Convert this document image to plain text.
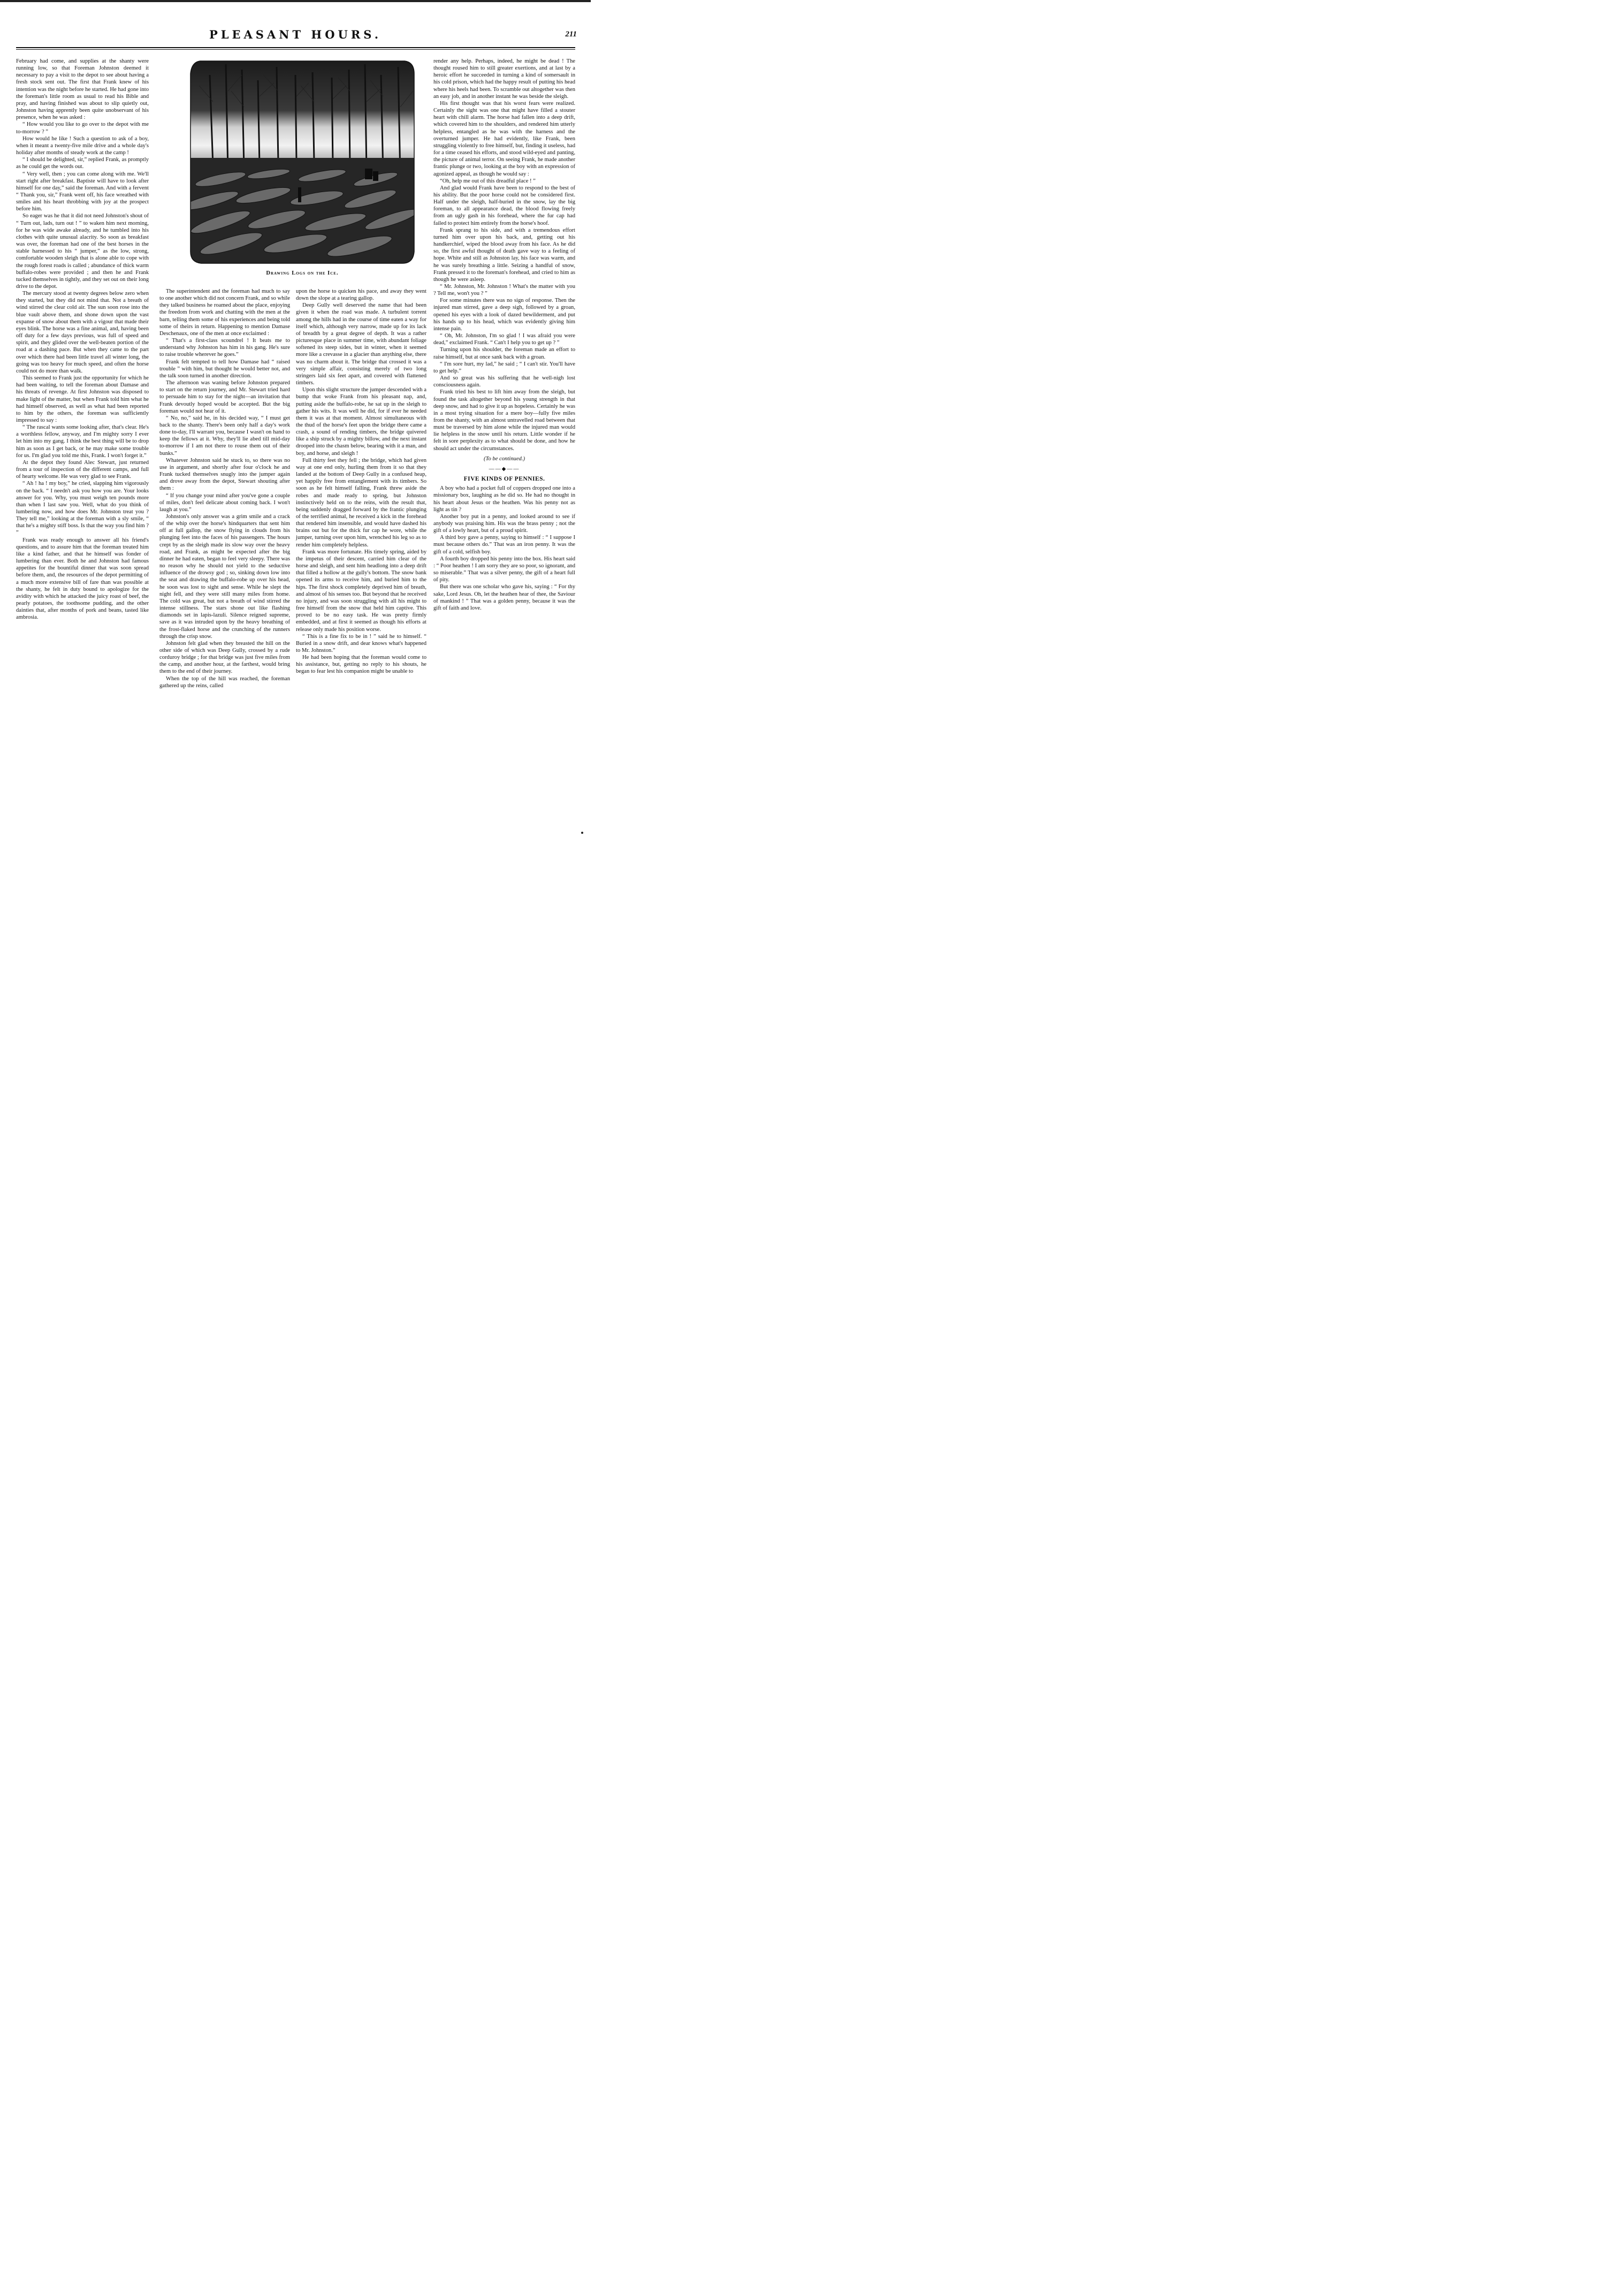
PLEASANT HOURS.	211

February had come, and supplies at the shanty were running low, so that Foreman Johnston deemed it necessary to pay a visit to the depot to see about having a fresh stock sent out. The first that Frank knew of his intention was the night before he started. He had gone into the foreman's little room as usual to read his Bible and pray, and having finished was about to slip quietly out, Johnston having apprently been quite unobservant of his presence, when he was asked :

“ How would you like to go over to the depot with me to-morrow ? ”

How would he like ! Such a question to ask of a boy, when it meant a twenty-five mile drive and a whole day's holiday after months of steady work at the camp !

“ I should be delighted, sir,” replied Frank, as promptly as he could get the words out.

“ Very well, then ; you can come along with me. We'll start right after breakfast. Baptiste will have to look after himself for one day,” said the foreman. And with a fervent “ Thank you, sir,” Frank went off, his face wreathed with smiles and his heart throbbing with joy at the prospect before him.

So eager was he that it did not need Johnston's shout of “ Turn out, lads, turn out ! ” to waken him next morning, for he was wide awake already, and he tumbled into his clothes with quite unusual alacrity. So soon as breakfast was over, the foreman had one of the best horses in the stable harnessed to his “ jumper,” as the low, strong, comfortable wooden sleigh that is alone able to cope with the rough forest roads is called ; abundance of thick warm buffalo-robes were provided ; and then he and Frank tucked themselves in tightly, and they set out on their long drive to the depot.

The mercury stood at twenty degrees below zero when they started, but they did not mind that. Not a breath of wind stirred the clear cold air. The sun soon rose into the blue vault above them, and shone down upon the vast expanse of snow about them with a vigour that made their eyes blink. The horse was a fine animal, and, having been off duty for a few days previous, was full of speed and spirit, and they glided over the well-beaten portion of the road at a dashing pace. But when they came to the part over which there had been little travel all winter long, the going was too heavy for much speed, and often the horse could not do more than walk.

This seemed to Frank just the opportunity for which he had been waiting, to tell the foreman about Damase and his threats of revenge. At first Johnston was disposed to make light of the matter, but when Frank told him what he had himself observed, as well as what had been reported to him by the others, the foreman was sufficiently impressed to say :

“ The rascal wants some looking after, that's clear. He's a worthless fellow, anyway, and I'm mighty sorry I ever let him into my gang. I think the best thing will be to drop him as soon as I get back, or he may make some trouble for us. I'm glad you told me this, Frank. I won't forget it.”

At the depot they found Alec Stewart, just returned from a tour of inspection of the different camps, and full of hearty welcome. He was very glad to see Frank.

“ Ah ! ha ! my boy,” he cried, slapping him vigorously on the back. “ I needn't ask you how you are. Your looks answer for you. Why, you must weigh ten pounds more than when I last saw you. Well, what do you think of lumbering now, and how does Mr. Johnston treat you ? They tell me,” looking at the foreman with a sly smile, “ that he's a mighty stiff boss. Is that the way you find him ? ”

Frank was ready enough to answer all his friend's questions, and to assure him that the foreman treated him like a kind father, and that he himself was fonder of lumbering than ever. Both he and Johnston had famous appetites for the bountiful dinner that was soon spread before them, and, the resources of the depot permitting of a much more extensive bill of fare than was possible at the shanty, he felt in duty bound to apologize for the avidity with which he attacked the juicy roast of beef, the pearly potatoes, the toothsome pudding, and the other dainties that, after months of pork and beans, tasted like ambrosia.

Drawing Logs on the Ice.

The superintendent and the foreman had much to say to one another which did not concern Frank, and so while they talked business he roamed about the place, enjoying the freedom from work and chatting with the men at the barn, telling them some of his experiences and being told some of theirs in return. Happening to mention Damase Deschenaux, one of the men at once exclaimed :

“ That's a first-class scoundrel ! It beats me to understand why Johnston has him in his gang. He's sure to raise trouble wherever he goes.”

Frank felt tempted to tell how Damase had “ raised trouble ” with him, but thought he would better not, and the talk soon turned in another direction.

The afternoon was waning before Johnston prepared to start on the return journey, and Mr. Stewart tried hard to persuade him to stay for the night—an invitation that Frank devoutly hoped would be accepted. But the big foreman would not hear of it.

“ No, no,” said he, in his decided way, “ I must get back to the shanty. There's been only half a day's work done to-day, I'll warrant you, because I wasn't on hand to keep the fellows at it. Why, they'll lie abed till mid-day to-morrow if I am not there to rouse them out of their bunks.”

Whatever Johnston said he stuck to, so there was no use in argument, and shortly after four o'clock he and Frank tucked themselves snugly into the jumper again and drove away from the depot, Stewart shouting after them :

“ If you change your mind after you've gone a couple of miles, don't feel delicate about coming back. I won't laugh at you.”

Johnston's only answer was a grim smile and a crack of the whip over the horse's hindquarters that sent him off at full gallop, the snow flying in clouds from his plunging feet into the faces of his passengers. The hours crept by as the sleigh made its slow way over the heavy road, and Frank, as might be expected after the big dinner he had eaten, began to feel very sleepy. There was no reason why he should not yield to the seductive influence of the drowsy god ; so, sinking down low into the seat and drawing the buffalo-robe up over his head, he soon was lost to sight and sense. While he slept the night fell, and they were still many miles from home. The cold was great, but not a breath of wind stirred the intense stillness. The stars shone out like flashing diamonds set in lapis-lazuli. Silence reigned supreme, save as it was intruded upon by the heavy breathing of the frost-flaked horse and the crunching of the runners through the crisp snow.

Johnston felt glad when they breasted the hill on the other side of which was Deep Gully, crossed by a rude corduroy bridge ; for that bridge was just five miles from the camp, and another hour, at the farthest, would bring them to the end of their journey.

When the top of the hill was reached, the foreman gathered up the reins, called

upon the horse to quicken his pace, and away they went down the slope at a tearing gallop.

Deep Gully well deserved the name that had been given it when the road was made. A turbulent torrent among the hills had in the course of time eaten a way for itself which, although very narrow, made up for its lack of breadth by a great degree of depth. It was a rather picturesque place in summer time, with abundant foliage softened its steep sides, but in winter, when it seemed more like a crevasse in a glacier than anything else, there was no charm about it. The bridge that crossed it was a very simple affair, consisting merely of two long stringers laid six feet apart, and covered with flattened timbers.

Upon this slight structure the jumper descended with a bump that woke Frank from his pleasant nap, and, putting aside the buffalo-robe, he sat up in the sleigh to gather his wits. It was well he did, for if ever he needed them it was at that moment. Almost simultaneous with the thud of the horse's feet upon the bridge there came a crash, a sound of rending timbers, the bridge quivered like a ship struck by a mighty billow, and the next instant drooped into the chasm below, bearing with it a man, and boy, and horse, and sleigh !

Full thirty feet they fell ; the bridge, which had given way at one end only, hurling them from it so that they landed at the bottom of Deep Gully in a confused heap, yet happily free from entanglement with its timbers. So soon as he felt himself falling, Frank threw aside the robes and made ready to spring, but Johnston instinctively held on to the reins, with the result that, being suddenly dragged forward by the frantic plunging of the terrified animal, he received a kick in the forehead that rendered him insensible, and would have dashed his brains out but for the thick fur cap he wore, while the jumper, turning over upon him, wrenched his leg so as to render him completely helpless.

Frank was more fortunate. His timely spring, aided by the impetus of their descent, carried him clear of the horse and sleigh, and sent him headlong into a deep drift that filled a hollow at the gully's bottom. The snow bank opened its arms to receive him, and buried him to the hips. The first shock completely deprived him of breath, and almost of his senses too. But beyond that he received no injury, and was soon struggling with all his might to free himself from the snow that held him captive. This proved to be no easy task. He was pretty firmly embedded, and at first it seemed as though his efforts at release only made his position worse.

“ This is a fine fix to be in ! ” said he to himself. “ Buried in a snow drift, and dear knows what's happened to Mr. Johnston.”

He had been hoping that the foreman would come to his assistance, but, getting no reply to his shouts, he began to fear lest his companion might be unable to

render any help. Perhaps, indeed, he might be dead ! The thought roused him to still greater exertions, and at last by a heroic effort he succeeded in turning a kind of somersault in his cold prison, which had the happy result of putting his head where his heels had been. To scramble out altogether was then an easy job, and in another instant he was beside the sleigh.

His first thought was that his worst fears were realized. Certainly the sight was one that might have filled a stouter heart with chill alarm. The horse had fallen into a deep drift, which covered him to the shoulders, and rendered him utterly helpless, entangled as he was with the harness and the overturned jumper. He had evidently, like Frank, been struggling violently to free himself, but, finding it useless, had for a time ceased his efforts, and stood wild-eyed and panting, the picture of animal terror. On seeing Frank, he made another frantic plunge or two, looking at the boy with an expression of agonized appeal, as though he would say :

“Oh, help me out of this dreadful place ! ”

And glad would Frank have been to respond to the best of his ability. But the poor horse could not be considered first. Half under the sleigh, half-buried in the snow, lay the big foreman, to all appearance dead, the blood flowing freely from an ugly gash in his forehead, where the fur cap had failed to protect him entirely from the horse's hoof.

Frank sprang to his side, and with a tremendous effort turned him over upon his back, and, getting out his handkerchief, wiped the blood away from his face. As he did so, the first awful thought of death gave way to a feeling of hope. White and still as Johnston lay, his face was warm, and he was surely breathing a little. Seizing a handful of snow, Frank pressed it to the foreman's forehead, and cried to him as though he were asleep.

“ Mr. Johnston, Mr. Johnston ! What's the matter with you ? Tell me, won't you ? ”

For some minutes there was no sign of response. Then the injured man stirred, gave a deep sigh, followed by a groan, opened his eyes with a look of dazed bewilderment, and put his hands up to his head, which was evidently giving him intense pain.

“ Oh, Mr. Johnston, I'm so glad ! I was afraid you were dead,” exclaimed Frank. “ Can't I help you to get up ? ”

Turning upon his shoulder, the foreman made an effort to raise himself, but at once sank back with a groan.

“ I'm sore hurt, my lad,” he said ; “ I can't stir. You'll have to get help.”

And so great was his suffering that he well-nigh lost consciousness again.

Frank tried his best to lift him away from the sleigh, but found the task altogether beyond his young strength in that deep snow, and had to give it up as hopeless. Certainly he was in a most trying situation for a mere boy—fully five miles from the shanty, with an almost untravelled road between that must be traversed by him alone while the injured man would lie helpless in the snow until his return. Little wonder if he felt in sore perplexity as to what should be done, and how he should act under the circumstances.

(To be continued.)

——◆——

FIVE KINDS OF PENNIES.

A boy who had a pocket full of coppers dropped one into a missionary box, laughing as he did so. He had no thought in his heart about Jesus or the heathen. Was his penny not as light as tin ?

Another boy put in a penny, and looked around to see if anybody was praising him. His was the brass penny ; not the gift of a lowly heart, but of a proud spirit.

A third boy gave a penny, saying to himself : “ I suppose I must because others do.” That was an iron penny. It was the gift of a cold, selfish boy.

A fourth boy dropped his penny into the box. His heart said : “ Poor heathen ! I am sorry they are so poor, so ignorant, and so miserable.” That was a silver penny, the gift of a heart full of pity.

But there was one scholar who gave his, saying : “ For thy sake, Lord Jesus. Oh, let the heathen hear of thee, the Saviour of mankind ! ” That was a golden penny, because it was the gift of faith and love.
